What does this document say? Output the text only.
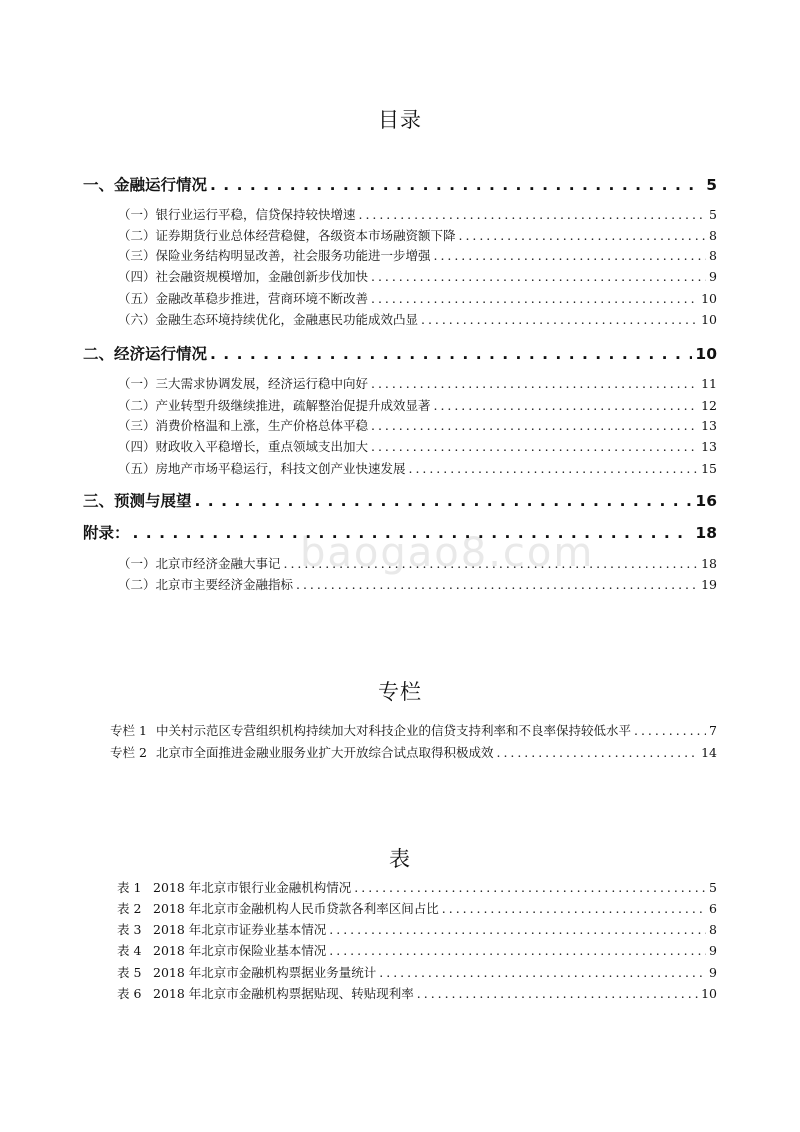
baogao8.com
目录
一、金融运行情况 . . .	5
（一）银行业运行平稳，信贷保持较快增速 . . .	5
（二）证券期货行业总体经营稳健，各级资本市场融资额下降 . . .	8
（三）保险业务结构明显改善，社会服务功能进一步增强 . . .	8
（四）社会融资规模增加，金融创新步伐加快 . . .	9
（五）金融改革稳步推进，营商环境不断改善 . . .	10
（六）金融生态环境持续优化，金融惠民功能成效凸显 . . .	10
二、经济运行情况 . . .	10
（一）三大需求协调发展，经济运行稳中向好 . . .	11
（二）产业转型升级继续推进，疏解整治促提升成效显著 . . .	12
（三）消费价格温和上涨，生产价格总体平稳 . . .	13
（四）财政收入平稳增长，重点领域支出加大 . . .	13
（五）房地产市场平稳运行，科技文创产业快速发展 . . .	15
三、预测与展望 . . .	16
附录： . . .	18
（一）北京市经济金融大事记 . . .	18
（二）北京市主要经济金融指标 . . .	19
专栏
专栏 1 中关村示范区专营组织机构持续加大对科技企业的信贷支持利率和不良率保持较低水平 . . .	7
专栏 2 北京市全面推进金融业服务业扩大开放综合试点取得积极成效 . . .	14
表
表 1 2018 年北京市银行业金融机构情况 . . .	5
表 2 2018 年北京市金融机构人民币贷款各利率区间占比 . . .	6
表 3 2018 年北京市证券业基本情况 . . .	8
表 4 2018 年北京市保险业基本情况 . . .	9
表 5 2018 年北京市金融机构票据业务量统计 . . .	9
表 6 2018 年北京市金融机构票据贴现、转贴现利率 . . .	10
